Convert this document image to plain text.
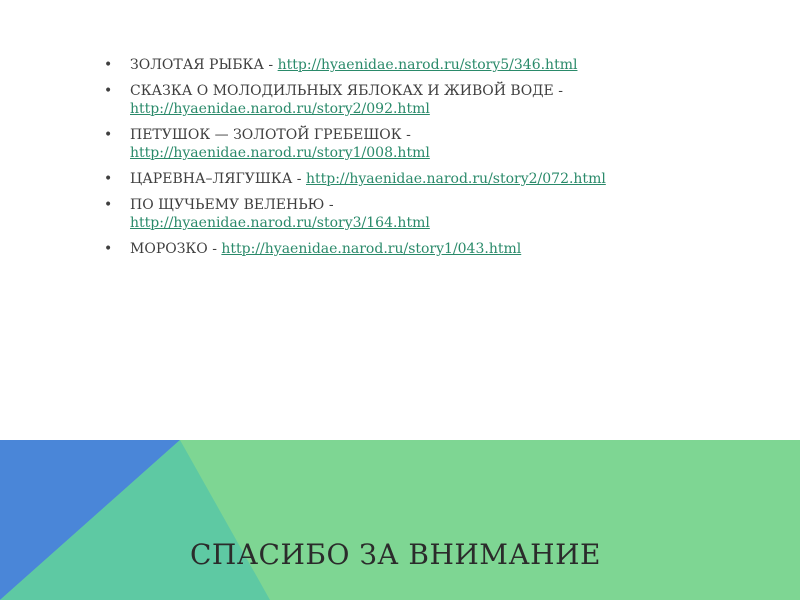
• ЗОЛОТАЯ РЫБКА - http://hyaenidae.narod.ru/story5/346.html
• СКАЗКА О МОЛОДИЛЬНЫХ ЯБЛОКАХ И ЖИВОЙ ВОДЕ -
http://hyaenidae.narod.ru/story2/092.html
• ПЕТУШОК — ЗОЛОТОЙ ГРЕБЕШОК -
http://hyaenidae.narod.ru/story1/008.html
• ЦАРЕВНА–ЛЯГУШКА - http://hyaenidae.narod.ru/story2/072.html
• ПО ЩУЧЬЕМУ ВЕЛЕНЬЮ -
http://hyaenidae.narod.ru/story3/164.html
• МОРОЗКО - http://hyaenidae.narod.ru/story1/043.html
СПАСИБО ЗА ВНИМАНИЕ
